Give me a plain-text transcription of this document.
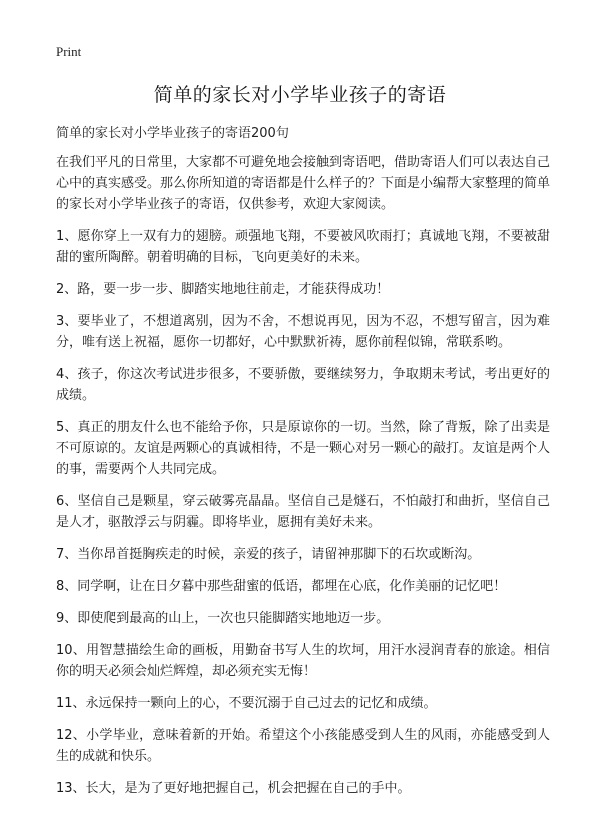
Print
简单的家长对小学毕业孩子的寄语

简单的家长对小学毕业孩子的寄语200句

在我们平凡的日常里，大家都不可避免地会接触到寄语吧，借助寄语人们可以表达自己心中的真实感受。那么你所知道的寄语都是什么样子的？下面是小编帮大家整理的简单的家长对小学毕业孩子的寄语，仅供参考，欢迎大家阅读。

1、愿你穿上一双有力的翅膀。顽强地飞翔，不要被风吹雨打；真诚地飞翔，不要被甜甜的蜜所陶醉。朝着明确的目标，飞向更美好的未来。

2、路，要一步一步、脚踏实地地往前走，才能获得成功！

3、要毕业了，不想道离别，因为不舍，不想说再见，因为不忍，不想写留言，因为难分，唯有送上祝福，愿你一切都好，心中默默祈祷，愿你前程似锦，常联系哟。

4、孩子，你这次考试进步很多，不要骄傲，要继续努力，争取期末考试，考出更好的成绩。

5、真正的朋友什么也不能给予你，只是原谅你的一切。当然，除了背叛，除了出卖是不可原谅的。友谊是两颗心的真诚相待，不是一颗心对另一颗心的敲打。友谊是两个人的事，需要两个人共同完成。

6、坚信自己是颗星，穿云破雾亮晶晶。坚信自己是燧石，不怕敲打和曲折，坚信自己是人才，驱散浮云与阴霾。即将毕业，愿拥有美好未来。

7、当你昂首挺胸疾走的时候，亲爱的孩子，请留神那脚下的石坎或断沟。

8、同学啊，让在日夕暮中那些甜蜜的低语，都埋在心底，化作美丽的记忆吧！

9、即使爬到最高的山上，一次也只能脚踏实地地迈一步。

10、用智慧描绘生命的画板，用勤奋书写人生的坎坷，用汗水浸润青春的旅途。相信你的明天必须会灿烂辉煌，却必须充实无悔！

11、永远保持一颗向上的心，不要沉溺于自己过去的记忆和成绩。

12、小学毕业，意味着新的开始。希望这个小孩能感受到人生的风雨，亦能感受到人生的成就和快乐。

13、长大，是为了更好地把握自己，机会把握在自己的手中。
